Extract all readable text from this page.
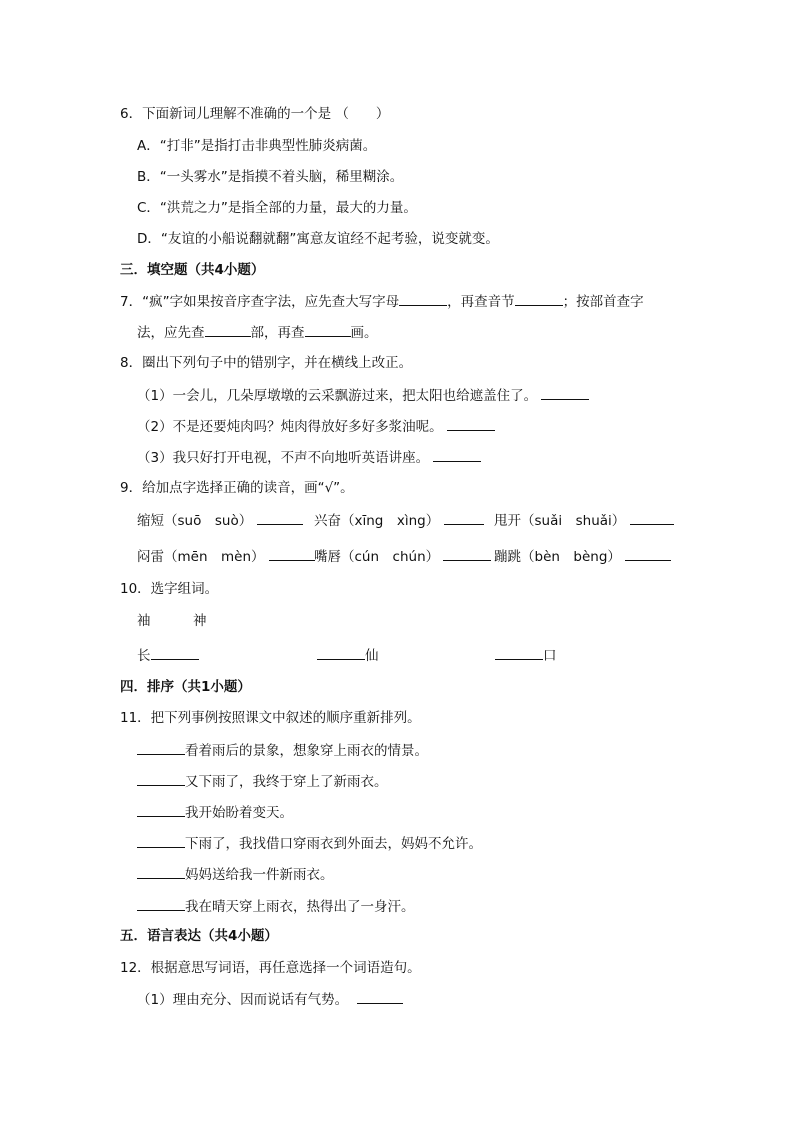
6．下面新词儿理解不准确的一个是 （　　）
A．“打非”是指打击非典型性肺炎病菌。
B．“一头雾水”是指摸不着头脑，稀里糊涂。
C．“洪荒之力”是指全部的力量，最大的力量。
D．“友谊的小船说翻就翻”寓意友谊经不起考验，说变就变。
三．填空题（共4小题）
7．“疯”字如果按音序查字法，应先查大写字母	，再查音节	；按部首查字
法，应先查	部，再查	画。
8．圈出下列句子中的错别字，并在横线上改正。
（1）一会儿，几朵厚墩墩的云采飘游过来，把太阳也给遮盖住了。
（2）不是还要炖肉吗？炖肉得放好多好多浆油呢。
（3）我只好打开电视，不声不向地听英语讲座。
9．给加点字选择正确的读音，画“√”。
缩短（suō　suò）	兴奋（xīng　xìng）	甩开（suǎi　shuǎi）
闷雷（mēn　mèn）	嘴唇（cún　chún）	蹦跳（bèn　bèng）
10．选字组词。
袖	神
长	仙	口
四．排序（共1小题）
11．把下列事例按照课文中叙述的顺序重新排列。
看着雨后的景象，想象穿上雨衣的情景。
又下雨了，我终于穿上了新雨衣。
我开始盼着变天。
下雨了，我找借口穿雨衣到外面去，妈妈不允许。
妈妈送给我一件新雨衣。
我在晴天穿上雨衣，热得出了一身汗。
五．语言表达（共4小题）
12．根据意思写词语，再任意选择一个词语造句。
（1）理由充分、因而说话有气势。
